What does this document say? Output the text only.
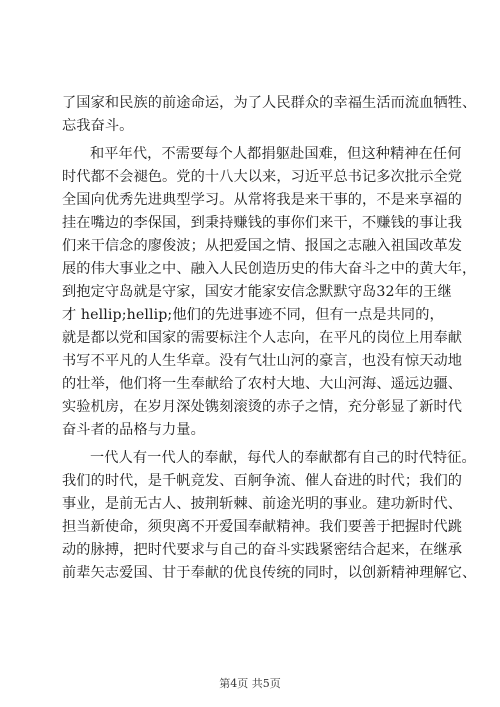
了国家和民族的前途命运，为了人民群众的幸福生活而流血牺牲、
忘我奋斗。
和平年代，不需要每个人都捐躯赴国难，但这种精神在任何
时代都不会褪色。党的十八大以来，习近平总书记多次批示全党
全国向优秀先进典型学习。从常将我是来干事的，不是来享福的
挂在嘴边的李保国，到秉持赚钱的事你们来干，不赚钱的事让我
们来干信念的廖俊波；从把爱国之情、报国之志融入祖国改革发
展的伟大事业之中、融入人民创造历史的伟大奋斗之中的黄大年，
到抱定守岛就是守家，国安才能家安信念默默守岛32年的王继
才 hellip;hellip;他们的先进事迹不同，但有一点是共同的，
就是都以党和国家的需要标注个人志向，在平凡的岗位上用奉献
书写不平凡的人生华章。没有气壮山河的豪言，也没有惊天动地
的壮举，他们将一生奉献给了农村大地、大山河海、遥远边疆、
实验机房，在岁月深处镌刻滚烫的赤子之情，充分彰显了新时代
奋斗者的品格与力量。
一代人有一代人的奉献，每代人的奉献都有自己的时代特征。
我们的时代，是千帆竞发、百舸争流、催人奋进的时代；我们的
事业，是前无古人、披荆斩棘、前途光明的事业。建功新时代、
担当新使命，须臾离不开爱国奉献精神。我们要善于把握时代跳
动的脉搏，把时代要求与自己的奋斗实践紧密结合起来，在继承
前辈矢志爱国、甘于奉献的优良传统的同时，以创新精神理解它、
第4页 共5页
